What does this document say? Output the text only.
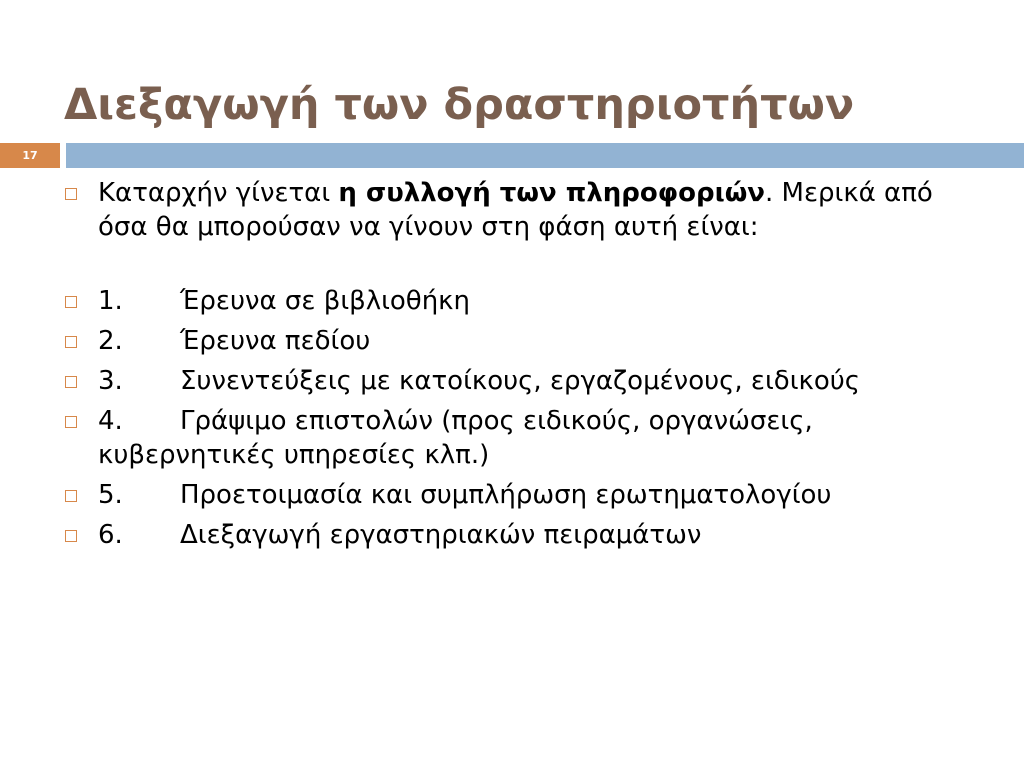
Διεξαγωγή των δραστηριοτήτων
17
Καταρχήν γίνεται η συλλογή των πληροφοριών. Μερικά από όσα θα μπορούσαν να γίνουν στη φάση αυτή είναι:
1. Έρευνα σε βιβλιοθήκη
2. Έρευνα πεδίου
3. Συνεντεύξεις με κατοίκους, εργαζομένους, ειδικούς
4. Γράψιμο επιστολών (προς ειδικούς, οργανώσεις, κυβερνητικές υπηρεσίες κλπ.)
5. Προετοιμασία και συμπλήρωση ερωτηματολογίου
6. Διεξαγωγή εργαστηριακών πειραμάτων
